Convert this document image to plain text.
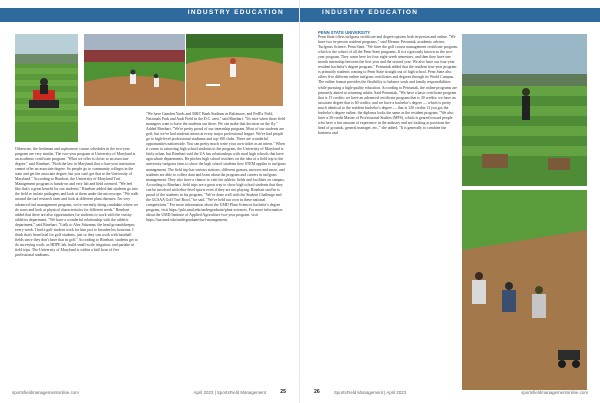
INDUSTRY EDUCATION

Otherwise, the freshman and sophomore course schedules in the two-year program are very similar. The two-year program at University of Maryland is an academic certificate program. "What we offer is closer to an associate degree," said Rinehart. "Both the law in Maryland that a four-year institution cannot offer an associate degree. So people go to community colleges in the state and get the associate degree, but you can't get that at the University of Maryland." According to Rinehart, the University of Maryland Turf Management program is hands-on and very lab and field oriented. "We feel like that's a great benefit for our students." Rinehart added that students go into the field to isolate pathogens and look at them under the microscope. "We walk around the turf research farm and look at different plant diseases. I'm very advanced turf management program, we're currently doing candidate where we do tours and look at physical characteristics for different seeds." Rinehart added that there are also opportunities for students to work with the varsity athletics department. "We have a wonderful relationship with the athletic department," said Rinehart. "I talk to Alex Stitzman, the head groundskeeper, every week. I had a golf student work for him just to broaden his horizons. I think that's beneficial for golf students, just so they can work with baseball fields since they don't have that in golf." According to Rinehart, students get to do surveying work, as HDPE lab, build small-scale irrigation, and partake in field trips. The University of Maryland is within a half hour of five professional stadiums.

"We have Camden Yards and M&T Bank Stadium in Baltimore, and FedEx Field, Nationals Park and Audi Field in the D.C. area," said Rinehart. "It's nice when those field managers want to have the students out there. We can make that decision on the fly." Added Rinehart, "We're pretty proud of our internship program. Most of our students are golf, but we've had students intern at every major professional league. We've had people go to high-level professional stadiums and top-100 clubs. There are wonderful opportunities nationwide. You can pretty much write your own ticket as an intern." When it comes to attracting high school students to the program, the University of Maryland is fairly urban, but Rinehart said the UA has relationships with rural high schools that have agriculture departments. He pitches high school teachers on the idea of a field trip to the university turfgrass farm to show the high school students how STEM applies to turfgrass management. The field trip has various stations, different grasses, mowers and more, and students are able to collect data and learn about the program and careers in turfgrass management. They also have a chance to visit the athletic fields and facilities on campus. According to Rinehart, field trips are a great way to show high school students that they can be involved with elite-level sports even if they are not playing. Rinehart said he is proud of the students in his program. "We've done well with the Student Challenge and the GCSAA Golf Turf Bowl," he said. "We've held our own in these national competitions." For more information about the UMD Plant Sciences bachelor's degree program, visit https://psla.umd.edu/undergraduate/plant-sciences. For more information about the UMD Institute of Applied Agriculture two-year program, visit https://iaa.umd.edu/undergraduate/turf-management.

sportsfieldmanagementonline.com	April 2023 | SportsField Management	25
INDUSTRY EDUCATION
PENN STATE UNIVERSITY

Penn State offers turfgrass certificate and degree options both in-person and online. "We have two in-person resident programs," said Eleanor Petruniak, academic adviser, Turfgrass Science, Penn State. "We have the golf course management certificate program, which is the cohort of all the Penn State programs. It is a rigorously known as the two-year program. They come here for four eight-week semesters, and then they have one month internship between the first year and the second year. We also have our four-year resident bachelor's degree program." Petruniak added that the resident four-year program is primarily students coming to Penn State straight out of high school. Penn State also offers five different online turfgrass certificates and degrees through its World Campus. The online format provides the flexibility to balance work and family responsibilities while pursuing a high-quality education. According to Petruniak, the online programs are primarily aimed at returning adults. Said Petruniak, "We have a basic certificate program that is 15 credits; we have an advanced certificate program that is 30 credits; we have an associate degree that is 60 credits; and we have a bachelor's degree — which is pretty much identical to the resident bachelor's degree — that is 120 credits. If you got the bachelor's degree online, the diploma looks the same as the resident program. "We also have a 30-credit Master of Professional Studies (MPS), which is geared toward people who have a fair amount of experience in the industry and are looking at positions the head of grounds, general manager, etc.," she added. "It is generally to combine the business and

26	SportsField Management | April 2023	sportsfieldmanagementonline.com
